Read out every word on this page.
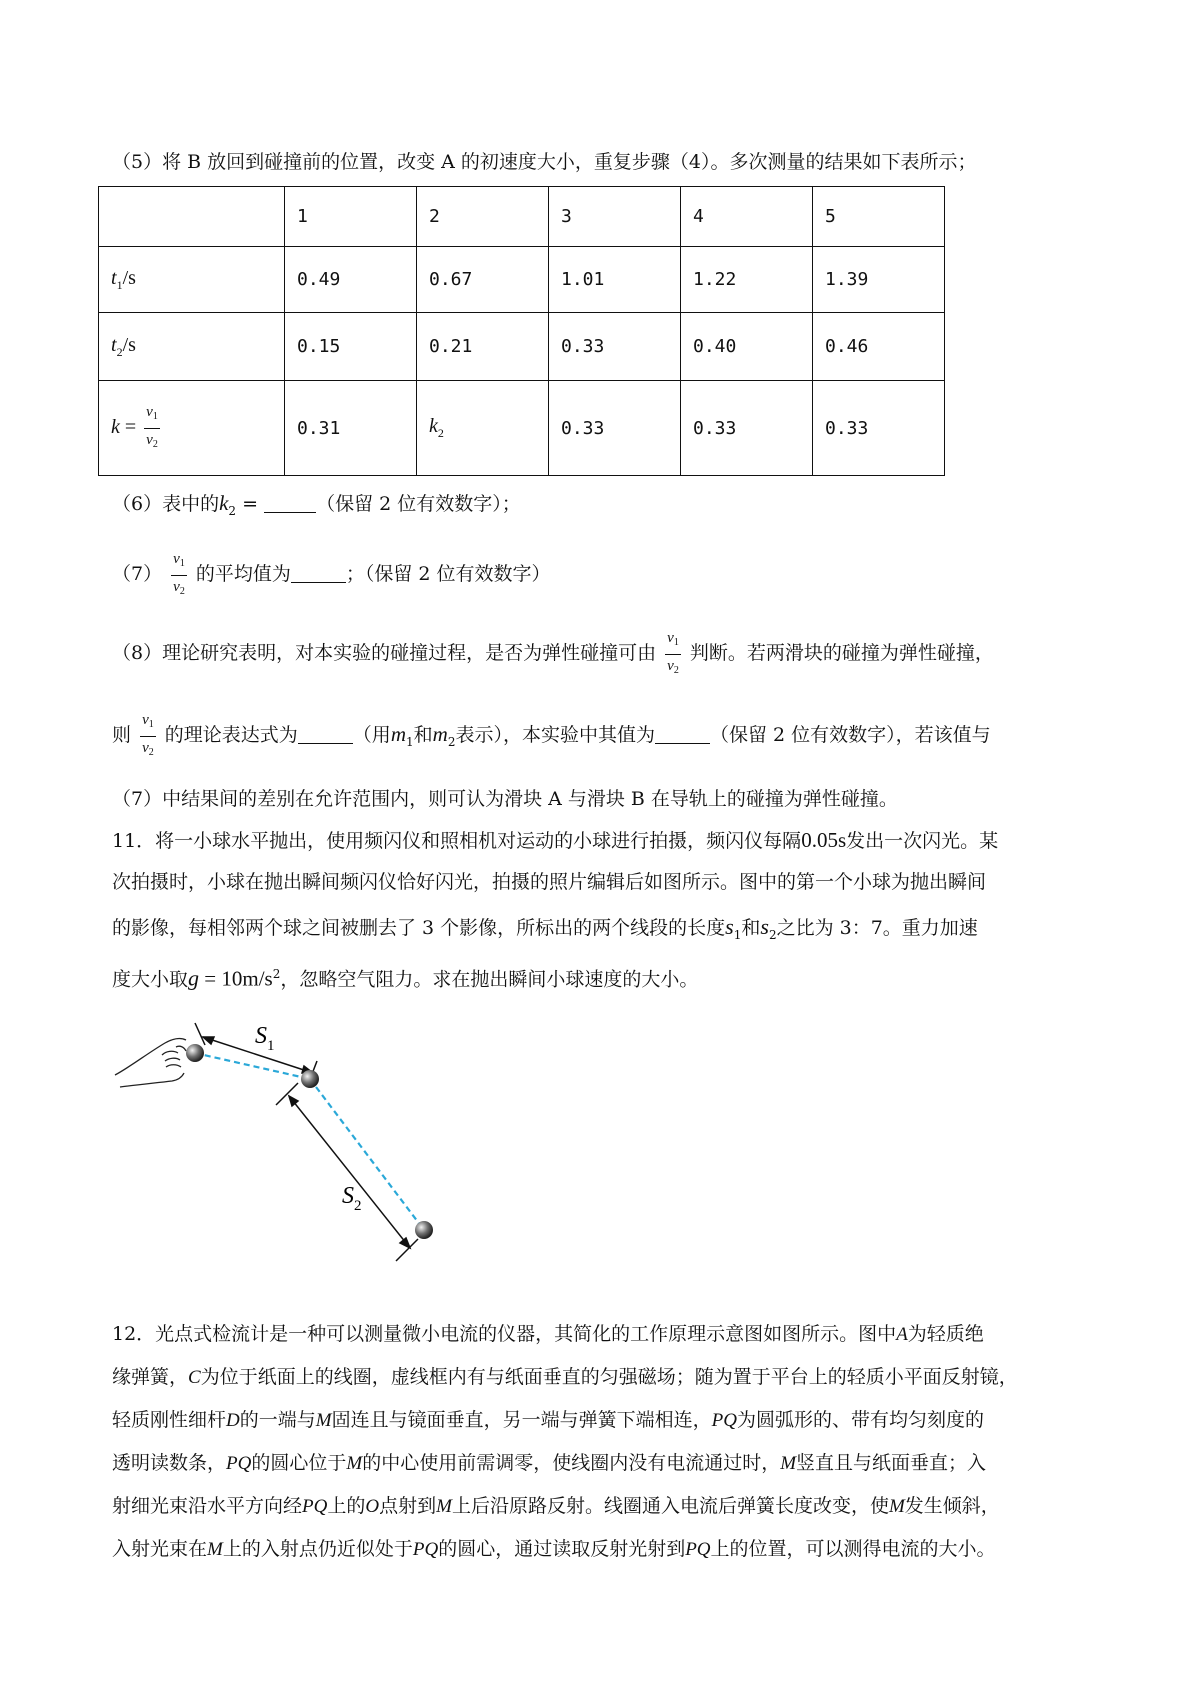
（5）将 B 放回到碰撞前的位置，改变 A 的初速度大小，重复步骤（4）。多次测量的结果如下表所示；
	1	2	3	4	5
$t_1/s$	0.49	0.67	1.01	1.22	1.39
$t_2/s$	0.15	0.21	0.33	0.40	0.46
$k = \frac{v_1}{v_2}$	0.31	$k_2$	0.33	0.33	0.33
（6）表中的$k_2$ =	（保留 2 位有效数字）；
$(7) \frac{v_1}{v_2}$ 的平均值为	；（保留 2 位有效数字）
（8）理论研究表明，对本实验的碰撞过程，是否为弹性碰撞可由 $\frac{v_1}{v_2}$ 判断。若两滑块的碰撞为弹性碰撞，
则 $\frac{v_1}{v_2}$ 的理论表达式为	（用$m_1$和$m_2$表示），本实验中其值为	（保留 2 位有效数字），若该值与
（7）中结果间的差别在允许范围内，则可认为滑块 A 与滑块 B 在导轨上的碰撞为弹性碰撞。
11．将一小球水平抛出，使用频闪仪和照相机对运动的小球进行拍摄，频闪仪每隔0.05s发出一次闪光。某
次拍摄时，小球在抛出瞬间频闪仪恰好闪光，拍摄的照片编辑后如图所示。图中的第一个小球为抛出瞬间
的影像，每相邻两个球之间被删去了 3 个影像，所标出的两个线段的长度$s_1$和$s_2$之比为 3：7。重力加速
度大小取$g = 10m/s^2$，忽略空气阻力。求在抛出瞬间小球速度的大小。
$S_1$
$S_2$
12．光点式检流计是一种可以测量微小电流的仪器，其简化的工作原理示意图如图所示。图中A为轻质绝
缘弹簧，C为位于纸面上的线圈，虚线框内有与纸面垂直的匀强磁场；随为置于平台上的轻质小平面反射镜，
轻质刚性细杆D的一端与M固连且与镜面垂直，另一端与弹簧下端相连，PQ为圆弧形的、带有均匀刻度的
透明读数条，PQ的圆心位于M的中心使用前需调零，使线圈内没有电流通过时，M竖直且与纸面垂直；入
射细光束沿水平方向经PQ上的O点射到M上后沿原路反射。线圈通入电流后弹簧长度改变，使M发生倾斜，
入射光束在M上的入射点仍近似处于PQ的圆心，通过读取反射光射到PQ上的位置，可以测得电流的大小。
